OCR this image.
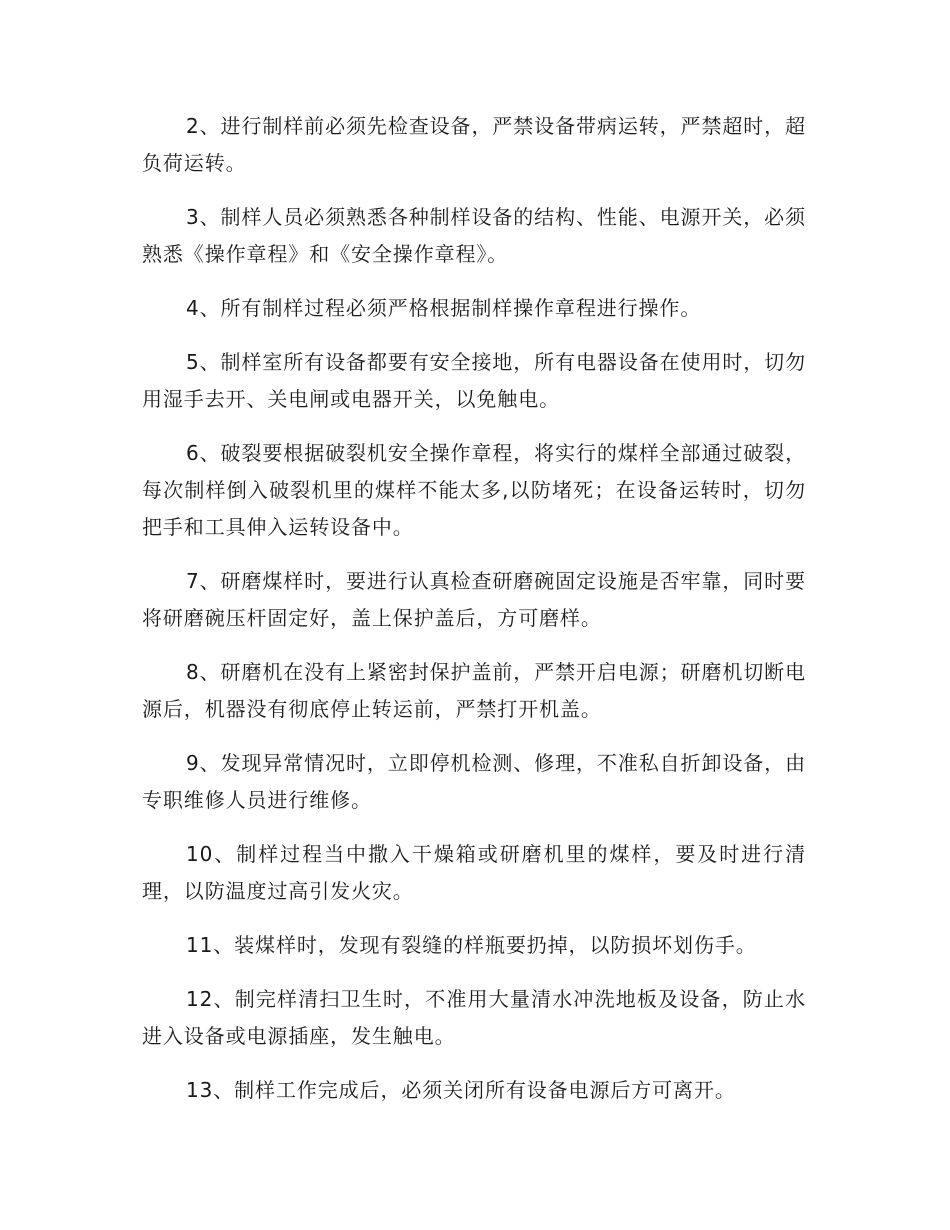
2、进行制样前必须先检查设备，严禁设备带病运转，严禁超时，超负荷运转。

3、制样人员必须熟悉各种制样设备的结构、性能、电源开关，必须熟悉《操作章程》和《安全操作章程》。

4、所有制样过程必须严格根据制样操作章程进行操作。

5、制样室所有设备都要有安全接地，所有电器设备在使用时，切勿用湿手去开、关电闸或电器开关，以免触电。

6、破裂要根据破裂机安全操作章程，将实行的煤样全部通过破裂，每次制样倒入破裂机里的煤样不能太多,以防堵死；在设备运转时，切勿把手和工具伸入运转设备中。

7、研磨煤样时，要进行认真检查研磨碗固定设施是否牢靠，同时要将研磨碗压杆固定好，盖上保护盖后，方可磨样。

8、研磨机在没有上紧密封保护盖前，严禁开启电源；研磨机切断电源后，机器没有彻底停止转运前，严禁打开机盖。

9、发现异常情况时，立即停机检测、修理，不准私自折卸设备，由专职维修人员进行维修。

10、制样过程当中撒入干燥箱或研磨机里的煤样，要及时进行清理，以防温度过高引发火灾。

11、装煤样时，发现有裂缝的样瓶要扔掉，以防损坏划伤手。

12、制完样清扫卫生时，不准用大量清水冲洗地板及设备，防止水进入设备或电源插座，发生触电。

13、制样工作完成后，必须关闭所有设备电源后方可离开。
